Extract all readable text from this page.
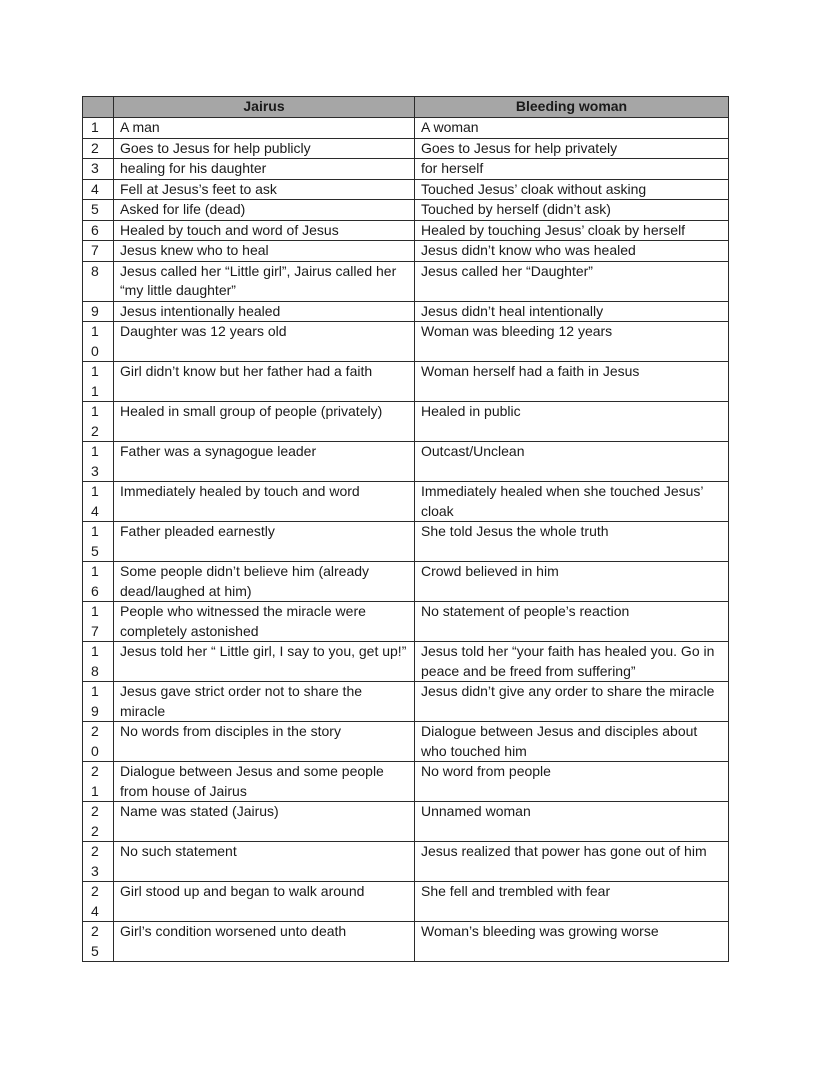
	Jairus	Bleeding woman

1	A man	A woman

2	Goes to Jesus for help publicly	Goes to Jesus for help privately

3	healing for his daughter	for herself

4	Fell at Jesus’s feet to ask	Touched Jesus’ cloak without asking

5	Asked for life (dead)	Touched by herself (didn’t ask)

6	Healed by touch and word of Jesus	Healed by touching Jesus’ cloak by herself

7	Jesus knew who to heal	Jesus didn’t know who was healed

8	Jesus called her “Little girl”, Jairus called her “my little daughter”	Jesus called her “Daughter”

9	Jesus intentionally healed	Jesus didn’t heal intentionally

10	Daughter was 12 years old	Woman was bleeding 12 years

11	Girl didn’t know but her father had a faith	Woman herself had a faith in Jesus

12	Healed in small group of people (privately)	Healed in public

13	Father was a synagogue leader	Outcast/Unclean

14	Immediately healed by touch and word	Immediately healed when she touched Jesus’ cloak

15	Father pleaded earnestly	She told Jesus the whole truth

16	Some people didn’t believe him (already dead/laughed at him)	Crowd believed in him

17	People who witnessed the miracle were completely astonished	No statement of people’s reaction

18	Jesus told her “ Little girl, I say to you, get up!”	Jesus told her “your faith has healed you. Go in peace and be freed from suffering”

19	Jesus gave strict order not to share the miracle	Jesus didn’t give any order to share the miracle

20	No words from disciples in the story	Dialogue between Jesus and disciples about who touched him

21	Dialogue between Jesus and some people from house of Jairus	No word from people

22	Name was stated (Jairus)	Unnamed woman

23	No such statement	Jesus realized that power has gone out of him

24	Girl stood up and began to walk around	She fell and trembled with fear

25	Girl’s condition worsened unto death	Woman’s bleeding was growing worse
